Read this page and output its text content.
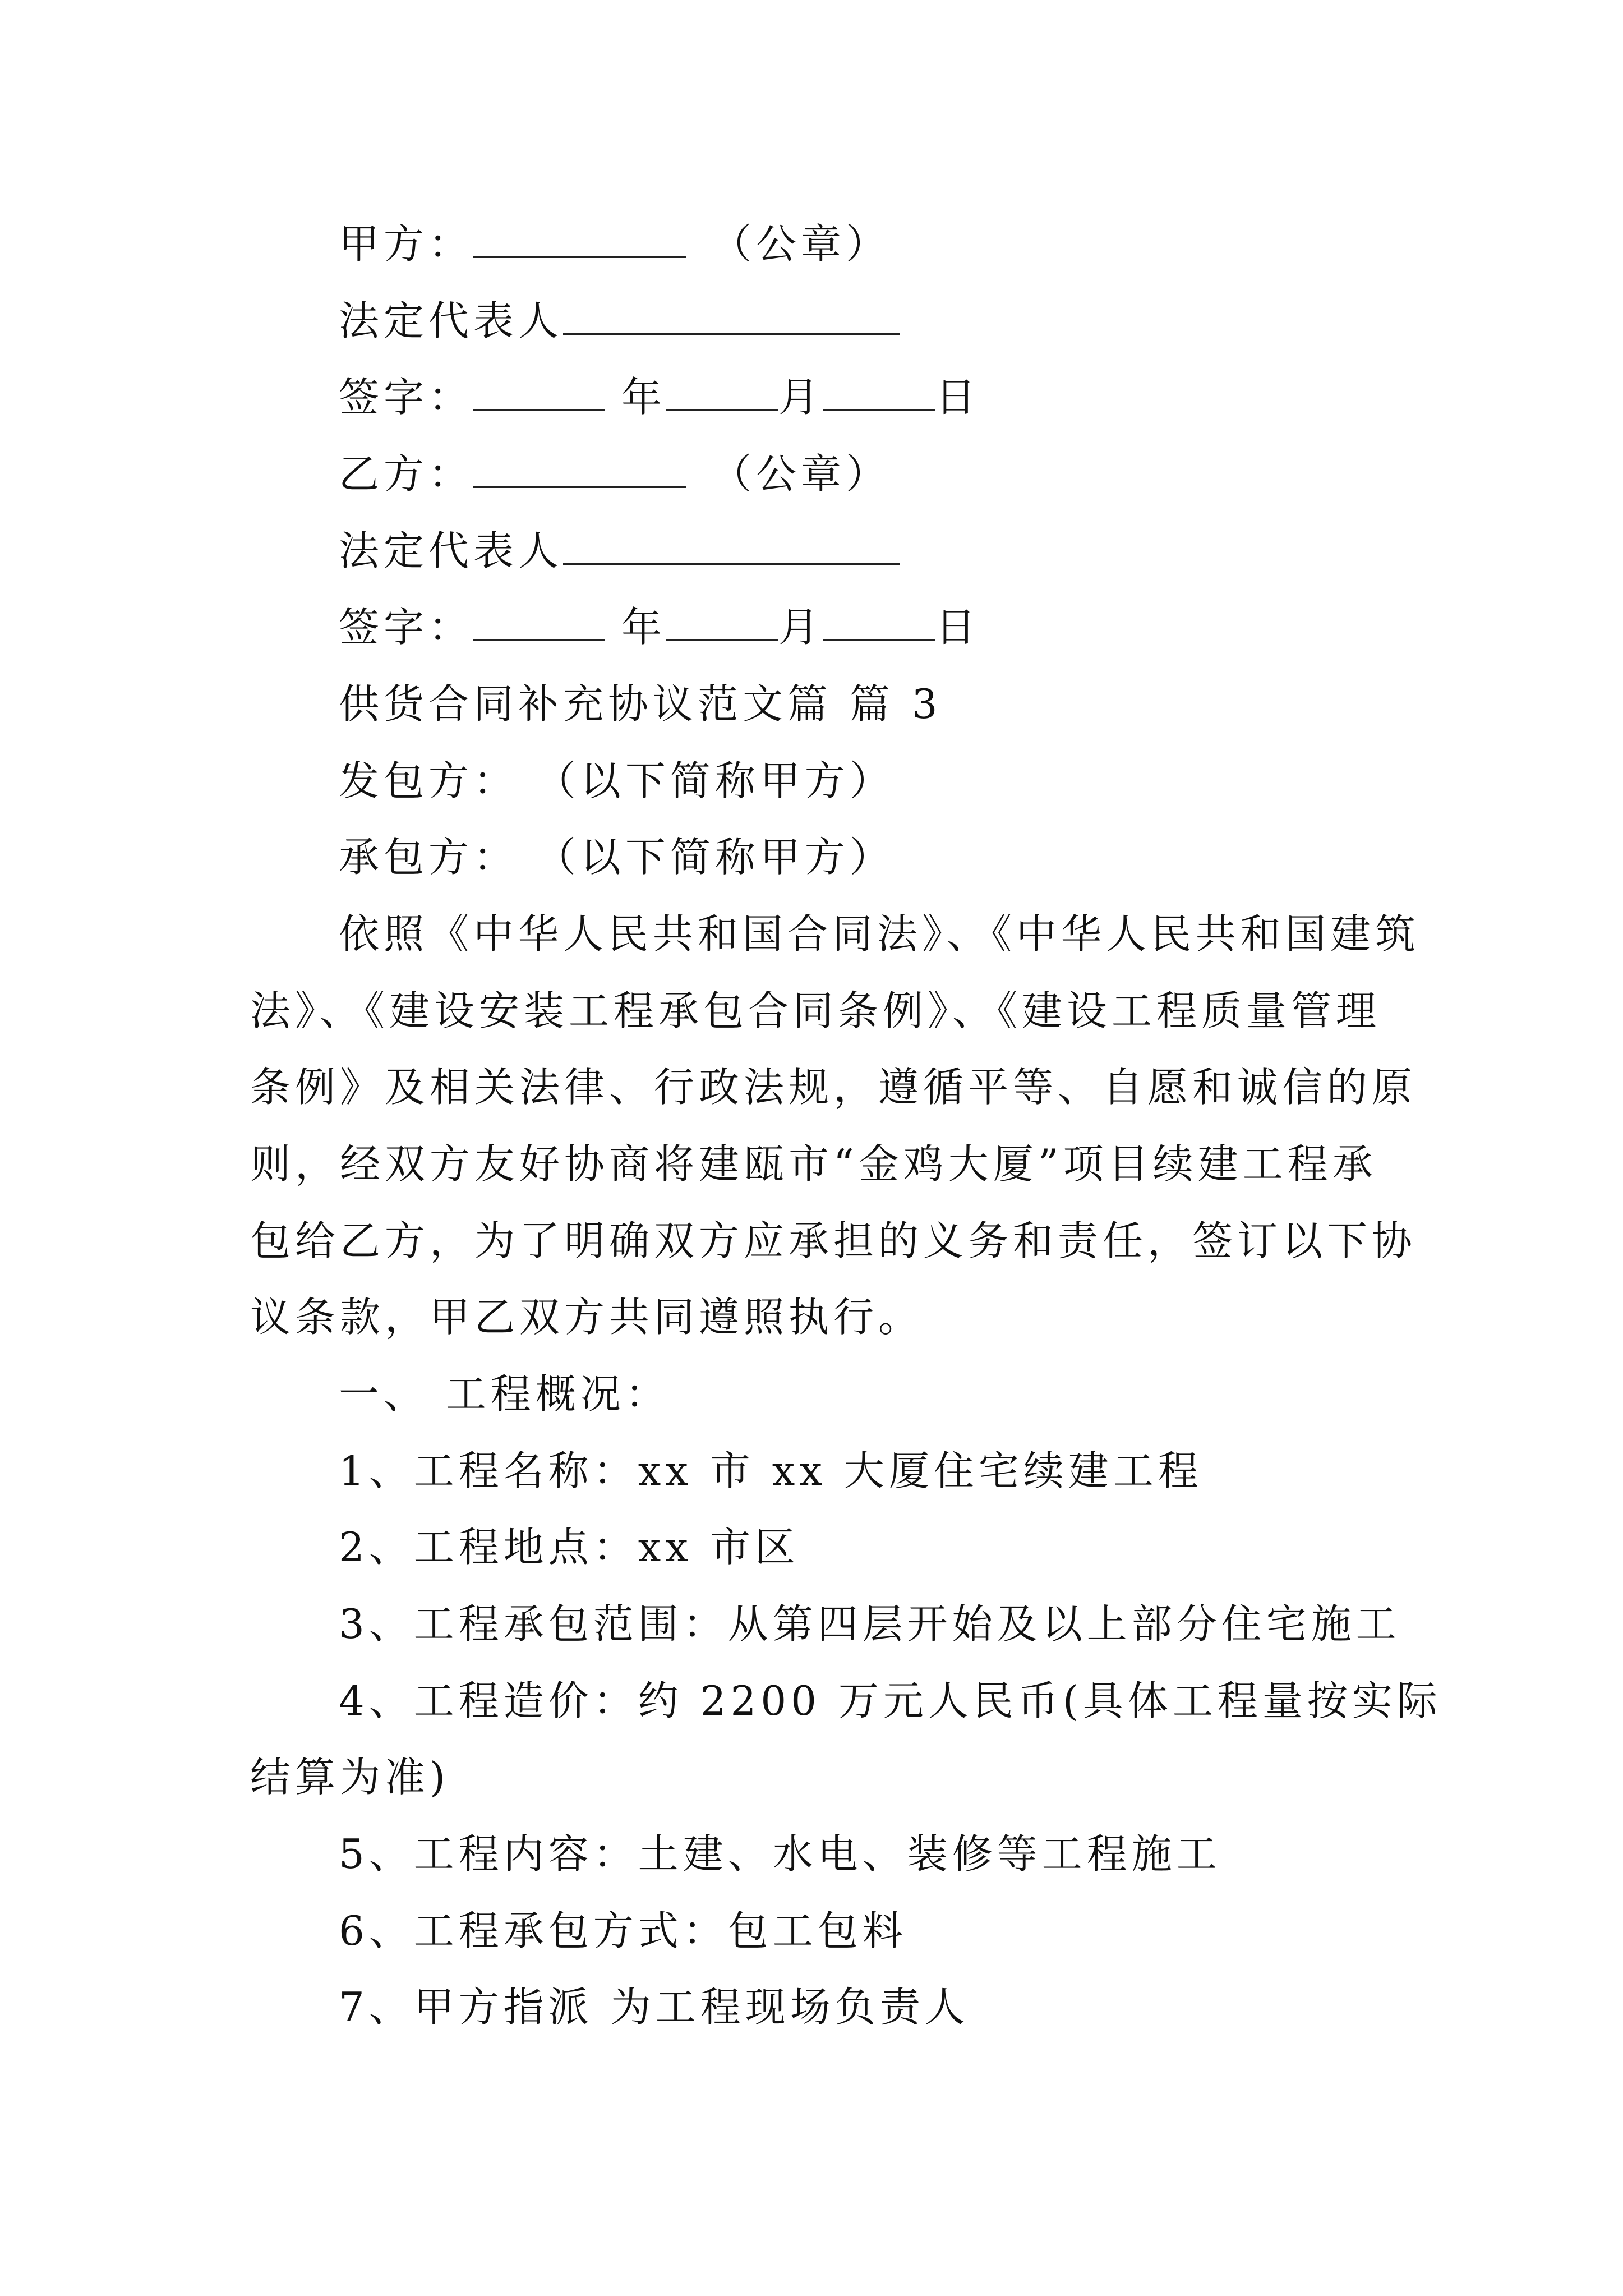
甲方：	（公章）
法定代表人
签字：	年	月	日
乙方：	（公章）
法定代表人
签字：	年	月	日
供货合同补充协议范文篇 篇 3
发包方： （以下简称甲方）
承包方： （以下简称甲方）
依照《中华人民共和国合同法》、《中华人民共和国建筑
法》、《建设安装工程承包合同条例》、《建设工程质量管理
条例》及相关法律、行政法规，遵循平等、自愿和诚信的原
则，经双方友好协商将建瓯市“金鸡大厦”项目续建工程承
包给乙方，为了明确双方应承担的义务和责任，签订以下协
议条款，甲乙双方共同遵照执行。
一、 工程概况：
1、工程名称：xx 市 xx 大厦住宅续建工程
2、工程地点：xx 市区
3、工程承包范围：从第四层开始及以上部分住宅施工
4、工程造价：约 2200 万元人民币(具体工程量按实际
结算为准)
5、工程内容：土建、水电、装修等工程施工
6、工程承包方式：包工包料
7、甲方指派 为工程现场负责人
